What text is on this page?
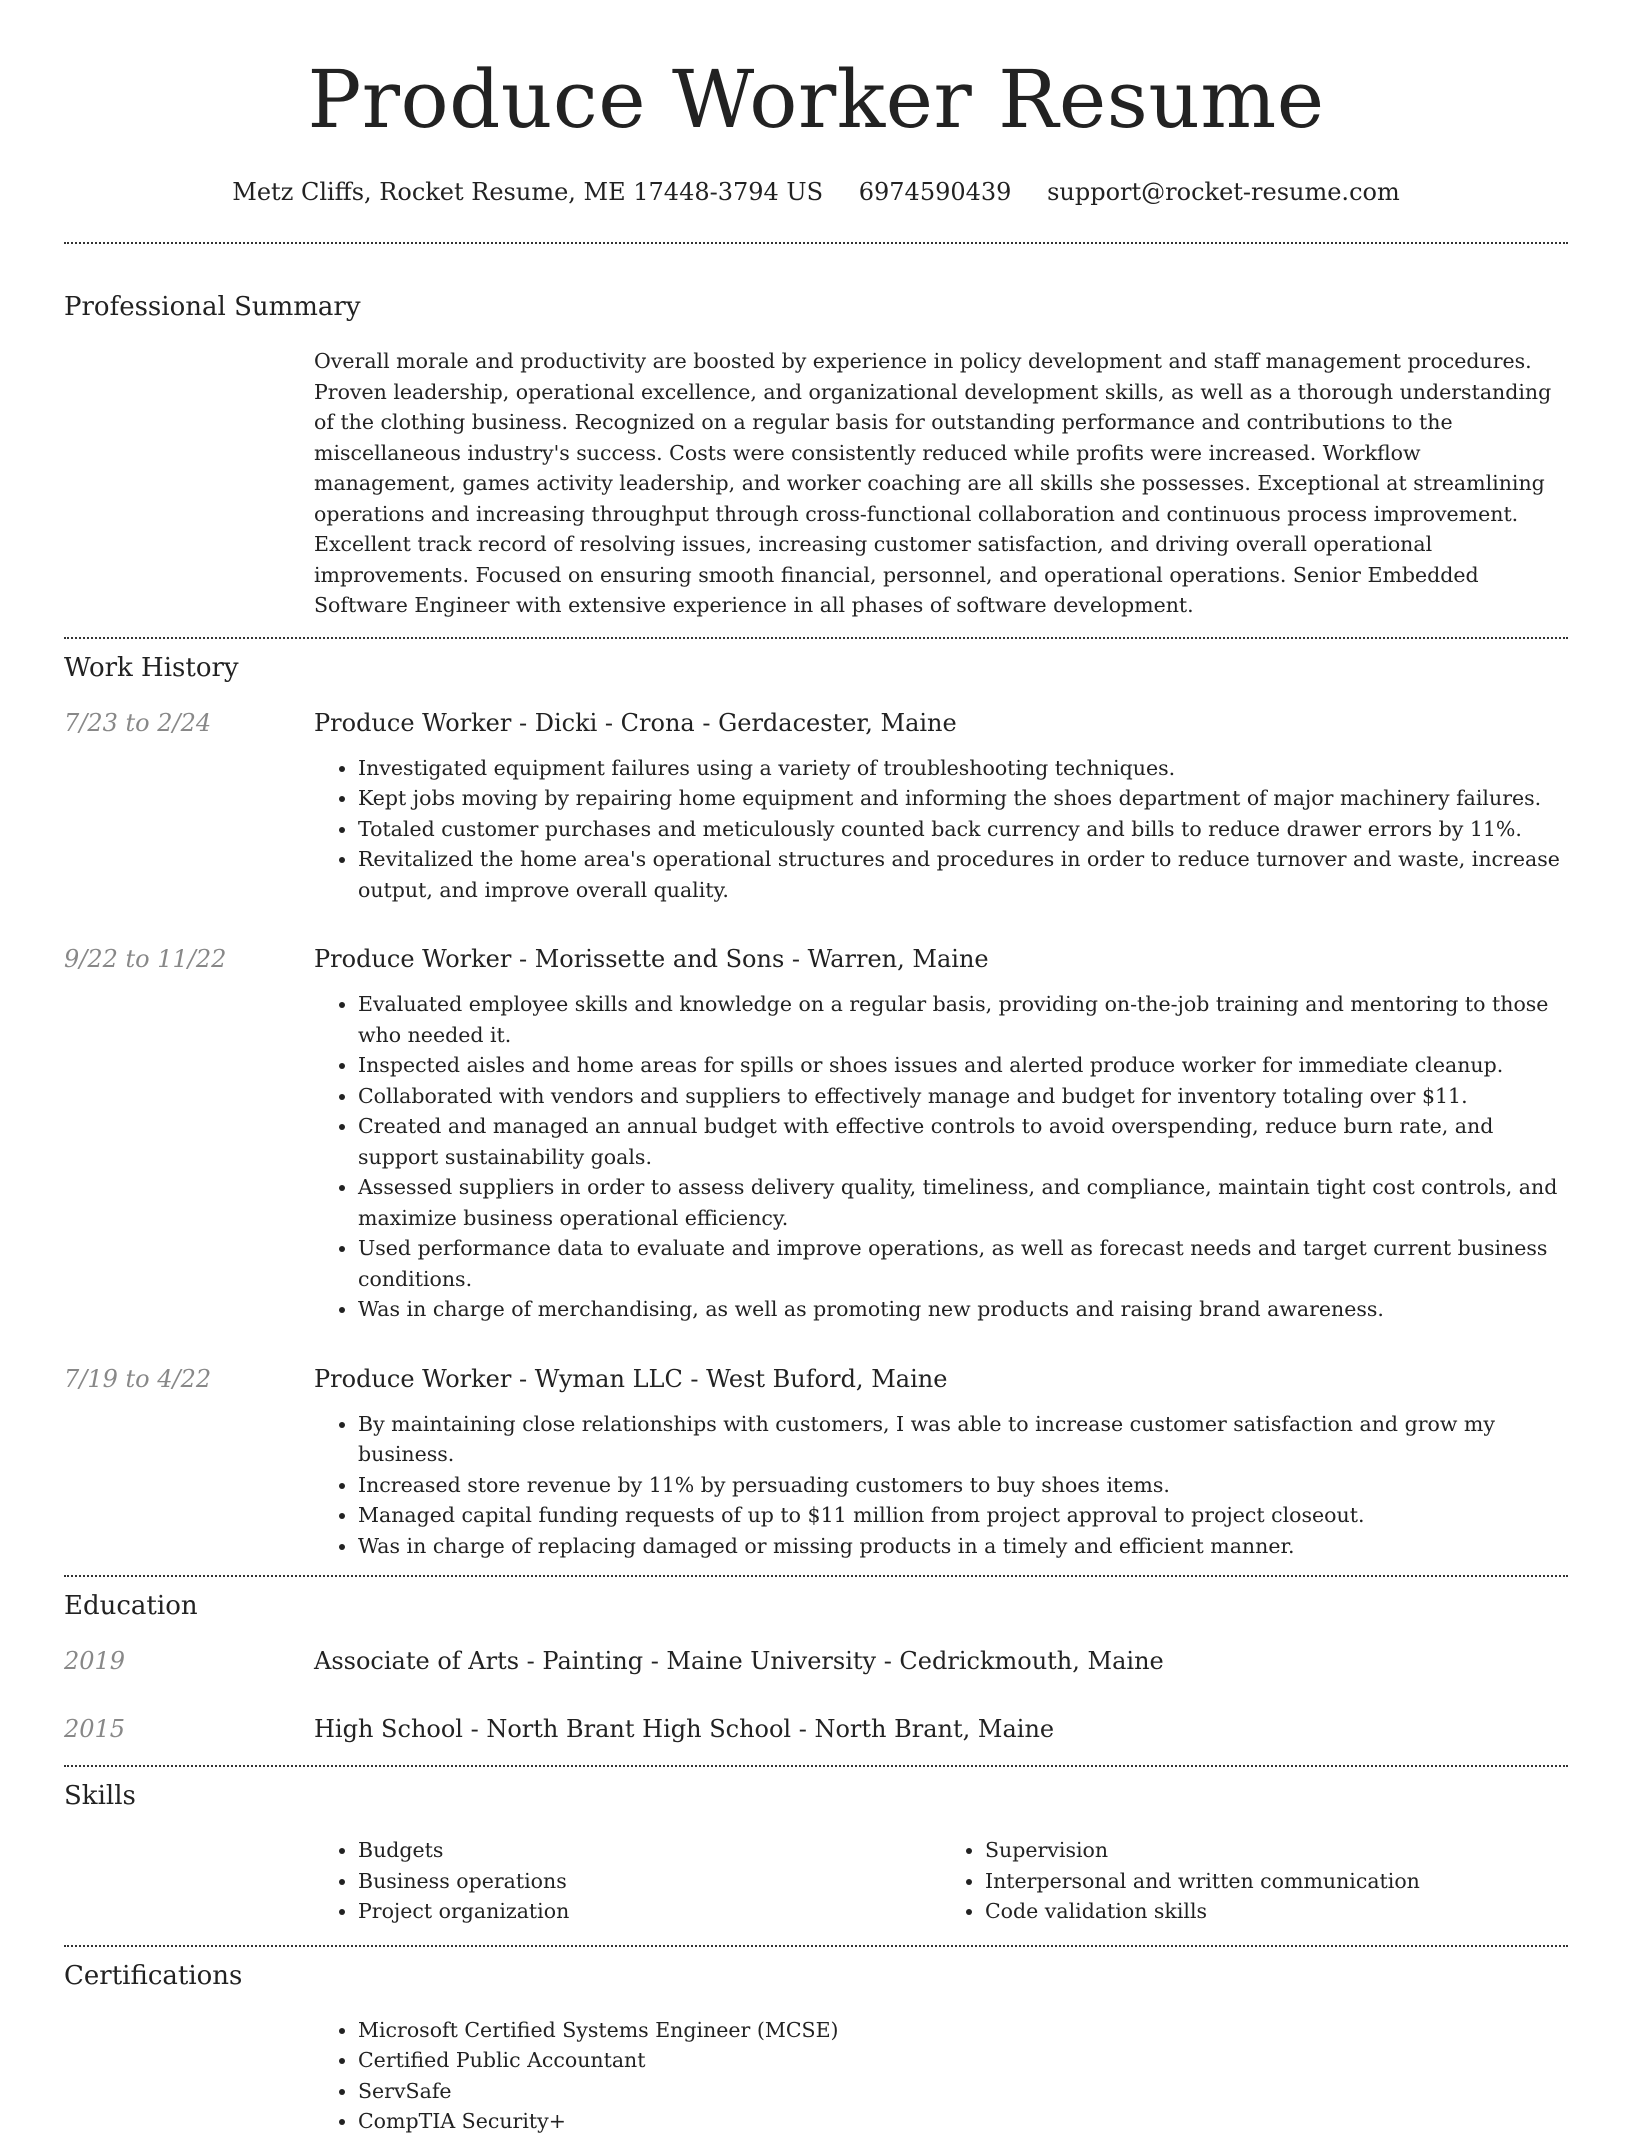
Produce Worker Resume
Metz Cliffs, Rocket Resume, ME 17448-3794 US 6974590439 support@rocket-resume.com
Professional Summary

Overall morale and productivity are boosted by experience in policy development and staff management procedures. Proven leadership, operational excellence, and organizational development skills, as well as a thorough understanding of the clothing business. Recognized on a regular basis for outstanding performance and contributions to the miscellaneous industry's success. Costs were consistently reduced while profits were increased. Workflow management, games activity leadership, and worker coaching are all skills she possesses. Exceptional at streamlining operations and increasing throughput through cross-functional collaboration and continuous process improvement. Excellent track record of resolving issues, increasing customer satisfaction, and driving overall operational improvements. Focused on ensuring smooth financial, personnel, and operational operations. Senior Embedded Software Engineer with extensive experience in all phases of software development.

Work History
7/23 to 2/24	Produce Worker - Dicki - Crona - Gerdacester, Maine
• Investigated equipment failures using a variety of troubleshooting techniques.
• Kept jobs moving by repairing home equipment and informing the shoes department of major machinery failures.
• Totaled customer purchases and meticulously counted back currency and bills to reduce drawer errors by 11%.
• Revitalized the home area's operational structures and procedures in order to reduce turnover and waste, increase output, and improve overall quality.
9/22 to 11/22	Produce Worker - Morissette and Sons - Warren, Maine
• Evaluated employee skills and knowledge on a regular basis, providing on-the-job training and mentoring to those who needed it.
• Inspected aisles and home areas for spills or shoes issues and alerted produce worker for immediate cleanup.
• Collaborated with vendors and suppliers to effectively manage and budget for inventory totaling over $11.
• Created and managed an annual budget with effective controls to avoid overspending, reduce burn rate, and support sustainability goals.
• Assessed suppliers in order to assess delivery quality, timeliness, and compliance, maintain tight cost controls, and maximize business operational efficiency.
• Used performance data to evaluate and improve operations, as well as forecast needs and target current business conditions.
• Was in charge of merchandising, as well as promoting new products and raising brand awareness.
7/19 to 4/22	Produce Worker - Wyman LLC - West Buford, Maine
• By maintaining close relationships with customers, I was able to increase customer satisfaction and grow my business.
• Increased store revenue by 11% by persuading customers to buy shoes items.
• Managed capital funding requests of up to $11 million from project approval to project closeout.
• Was in charge of replacing damaged or missing products in a timely and efficient manner.
Education
2019	Associate of Arts - Painting - Maine University - Cedrickmouth, Maine
2015	High School - North Brant High School - North Brant, Maine
Skills
• Budgets
• Business operations
• Project organization
• Supervision
• Interpersonal and written communication
• Code validation skills
Certifications
• Microsoft Certified Systems Engineer (MCSE)
• Certified Public Accountant
• ServSafe
• CompTIA Security+
